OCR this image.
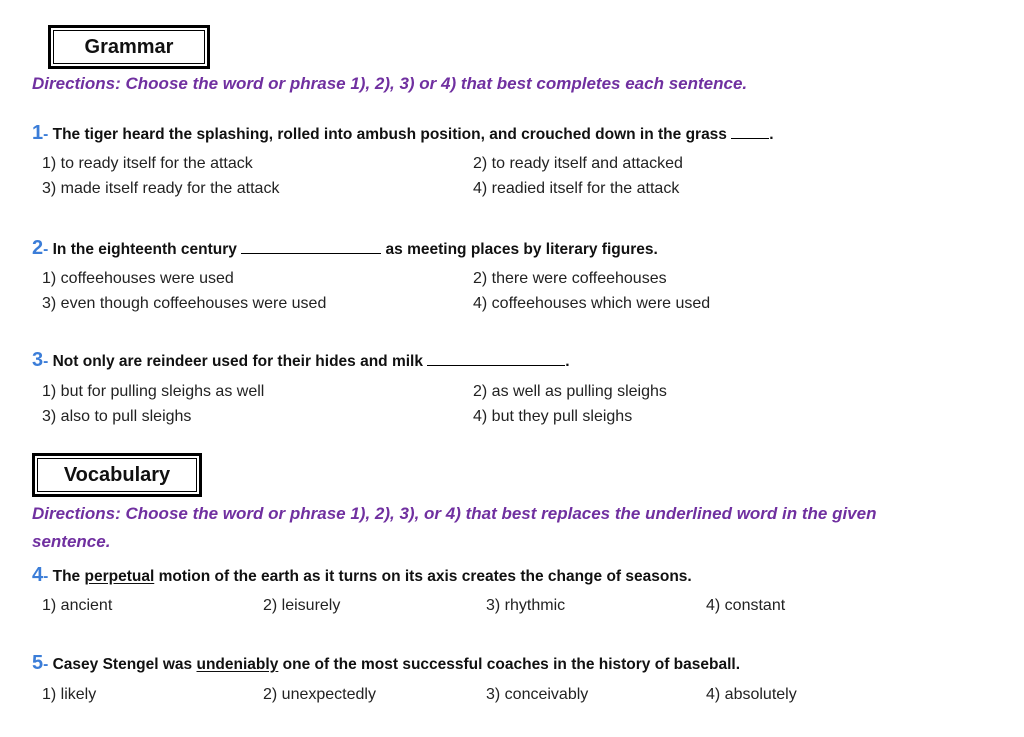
Grammar
Directions: Choose the word or phrase 1), 2), 3) or 4) that best completes each sentence.
1- The tiger heard the splashing, rolled into ambush position, and crouched down in the grass	.
1) to ready itself for the attack	2) to ready itself and attacked
3) made itself ready for the attack	4) readied itself for the attack
2- In the eighteenth century	as meeting places by literary figures.
1) coffeehouses were used	2) there were coffeehouses
3) even though coffeehouses were used	4) coffeehouses which were used
3- Not only are reindeer used for their hides and milk	.
1) but for pulling sleighs as well	2) as well as pulling sleighs
3) also to pull sleighs	4) but they pull sleighs
Vocabulary
Directions: Choose the word or phrase 1), 2), 3), or 4) that best replaces the underlined word in the given
sentence.
4- The perpetual motion of the earth as it turns on its axis creates the change of seasons.
1) ancient	2) leisurely	3) rhythmic	4) constant
5- Casey Stengel was undeniably one of the most successful coaches in the history of baseball.
1) likely	2) unexpectedly	3) conceivably	4) absolutely
